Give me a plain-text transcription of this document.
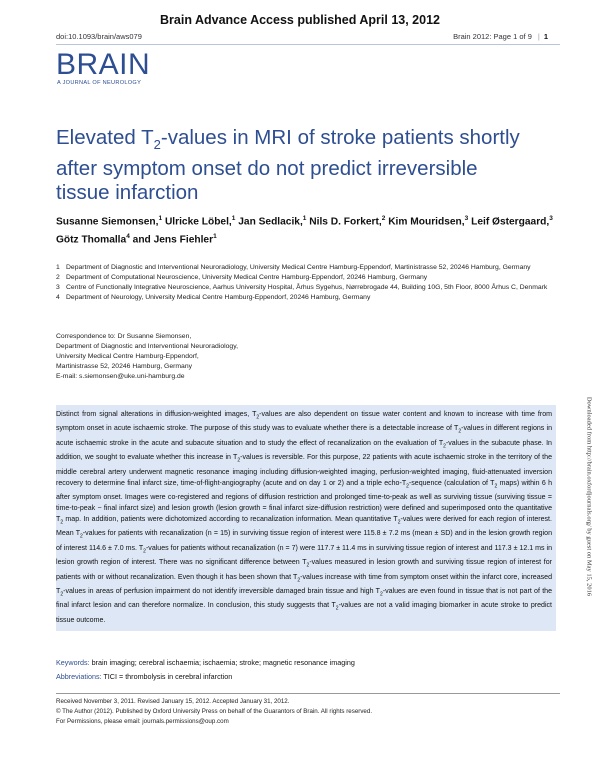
Brain Advance Access published April 13, 2012
doi:10.1093/brain/aws079	Brain 2012: Page 1 of 9 | 1
BRAIN
A JOURNAL OF NEUROLOGY
Elevated $T_2$-values in MRI of stroke patients shortly after symptom onset do not predict irreversible tissue infarction
Susanne Siemonsen,$^1$ Ulricke Löbel,$^1$ Jan Sedlacik,$^1$ Nils D. Forkert,$^2$ Kim Mouridsen,$^3$ Leif Østergaard,$^3$ Götz Thomalla$^4$ and Jens Fiehler$^1$
1 Department of Diagnostic and Interventional Neuroradiology, University Medical Centre Hamburg-Eppendorf, Martinistrasse 52, 20246 Hamburg, Germany
2 Department of Computational Neuroscience, University Medical Centre Hamburg-Eppendorf, 20246 Hamburg, Germany
3 Centre of Functionally Integrative Neuroscience, Aarhus University Hospital, Århus Sygehus, Nørrebrogade 44, Building 10G, 5th Floor, 8000 Århus C, Denmark
4 Department of Neurology, University Medical Centre Hamburg-Eppendorf, 20246 Hamburg, Germany
Correspondence to: Dr Susanne Siemonsen,
Department of Diagnostic and Interventional Neuroradiology,
University Medical Centre Hamburg-Eppendorf,
Martinistrasse 52, 20246 Hamburg, Germany
E-mail: s.siemonsen@uke.uni-hamburg.de

Distinct from signal alterations in diffusion-weighted images, $T_2$-values are also dependent on tissue water content and known to increase with time from symptom onset in acute ischaemic stroke. The purpose of this study was to evaluate whether there is a detectable increase of $T_2$-values in different regions in acute ischaemic stroke in the acute and subacute situation and to study the effect of recanalization on the evaluation of $T_2$-values in the subacute phase. In addition, we sought to evaluate whether this increase in $T_2$-values is reversible. For this purpose, 22 patients with acute ischaemic stroke in the territory of the middle cerebral artery underwent magnetic resonance imaging including diffusion-weighted imaging, perfusion-weighted imaging, fluid-attenuated inversion recovery to determine final infarct size, time-of-flight-angiography (acute and on day 1 or 2) and a triple echo-$T_2$-sequence (calculation of $T_2$ maps) within 6 h after symptom onset. Images were co-registered and regions of diffusion restriction and prolonged time-to-peak as well as surviving tissue (surviving tissue = time-to-peak − final infarct size) and lesion growth (lesion growth = final infarct size-diffusion restriction) were defined and superimposed onto the quantitative $T_2$ map. In addition, patients were dichotomized according to recanalization information. Mean quantitative $T_2$-values were derived for each region of interest. Mean $T_2$-values for patients with recanalization (n = 15) in surviving tissue region of interest were 115.8 ± 7.2 ms (mean ± SD) and in the lesion growth region of interest 114.6 ± 7.0 ms. $T_2$-values for patients without recanalization (n = 7) were 117.7 ± 11.4 ms in surviving tissue region of interest and 117.3 ± 12.1 ms in lesion growth region of interest. There was no significant difference between $T_2$-values measured in lesion growth and surviving tissue region of interest for patients with or without recanalization. Even though it has been shown that $T_2$-values increase with time from symptom onset within the infarct core, increased $T_2$-values in areas of perfusion impairment do not identify irreversible damaged brain tissue and high $T_2$-values are even found in tissue that is not part of the final infarct lesion and can therefore normalize. In conclusion, this study suggests that $T_2$-values are not a valid imaging biomarker in acute stroke to predict tissue outcome.

Keywords: brain imaging; cerebral ischaemia; ischaemia; stroke; magnetic resonance imaging
Abbreviations: TICI = thrombolysis in cerebral infarction
Received November 3, 2011. Revised January 15, 2012. Accepted January 31, 2012.
© The Author (2012). Published by Oxford University Press on behalf of the Guarantors of Brain. All rights reserved.
For Permissions, please email: journals.permissions@oup.com
Downloaded from http://brain.oxfordjournals.org/ by guest on May 15, 2016
